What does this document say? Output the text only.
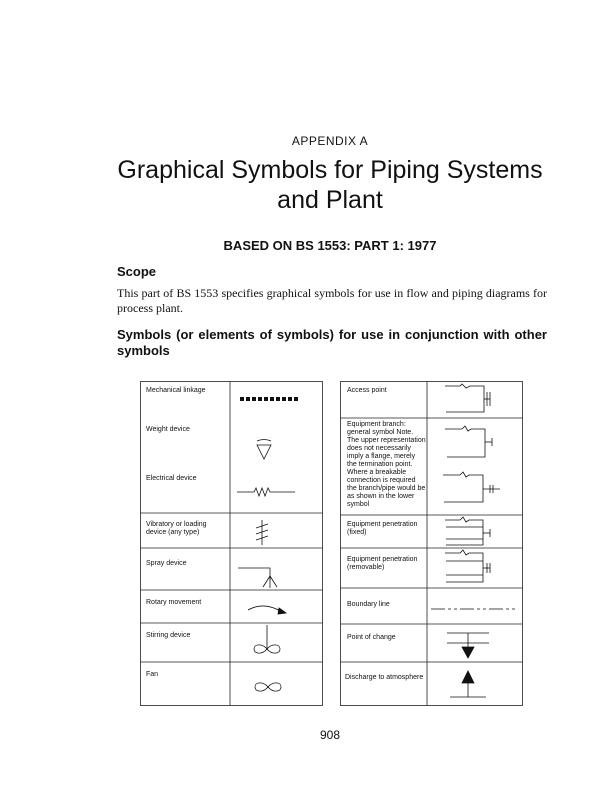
APPENDIX A
Graphical Symbols for Piping Systems
and Plant
BASED ON BS 1553: PART 1: 1977
Scope
This part of BS 1553 specifies graphical symbols for use in flow and piping diagrams for process plant.
Symbols (or elements of symbols) for use in conjunction with other symbols
Mechanical linkage
Weight device
Electrical device
Vibratory or loading device (any type)
Spray device
Rotary movement
Stirring device
Fan
Access point
Equipment branch: general symbol Note. The upper representation does not necessarily imply a flange, merely the termination point. Where a breakable connection is required the branch/pipe would be as shown in the lower symbol
Equipment penetration (fixed)
Equipment penetration (removable)
Boundary line
Point of change
Discharge to atmosphere
908
